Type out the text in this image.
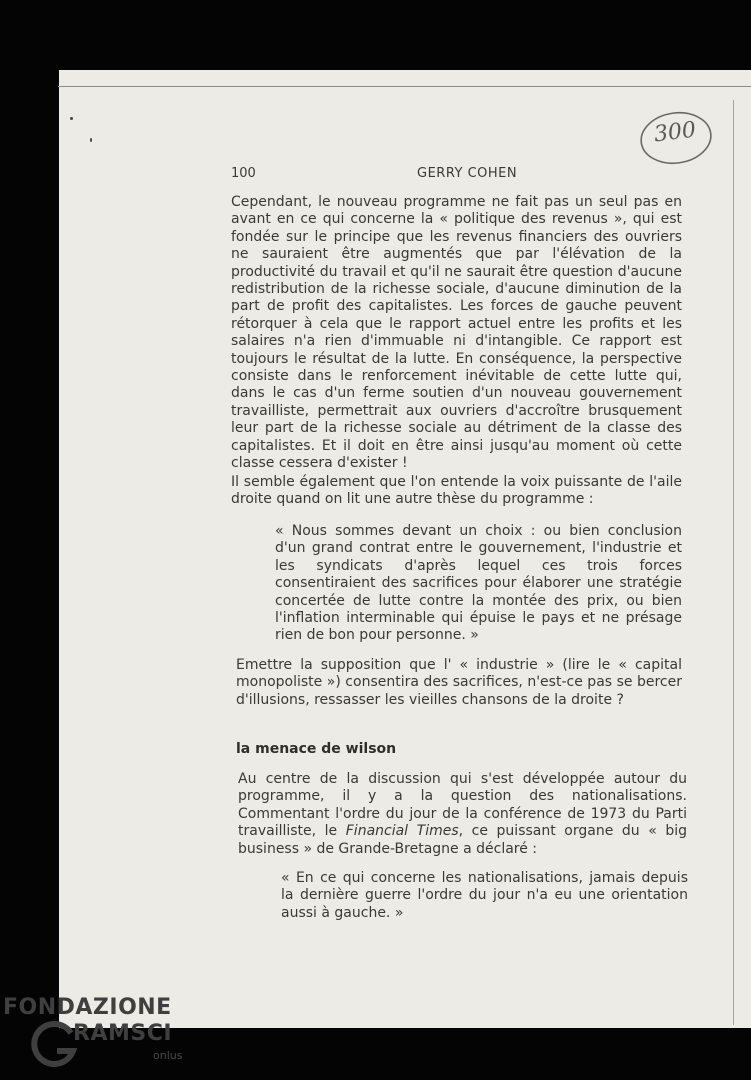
300
100	GERRY COHEN

Cependant, le nouveau programme ne fait pas un seul pas en avant en ce qui concerne la « politique des revenus », qui est fondée sur le principe que les revenus financiers des ouvriers ne sauraient être augmentés que par l'élévation de la productivité du travail et qu'il ne saurait être question d'aucune redistribution de la richesse sociale, d'aucune diminution de la part de profit des capitalistes. Les forces de gauche peuvent rétorquer à cela que le rapport actuel entre les profits et les salaires n'a rien d'immuable ni d'intangible. Ce rapport est toujours le résultat de la lutte. En conséquence, la perspective consiste dans le renforcement inévitable de cette lutte qui, dans le cas d'un ferme soutien d'un nouveau gouvernement travailliste, permettrait aux ouvriers d'accroître brusquement leur part de la richesse sociale au détriment de la classe des capitalistes. Et il doit en être ainsi jusqu'au moment où cette classe cessera d'exister !

Il semble également que l'on entende la voix puissante de l'aile droite quand on lit une autre thèse du programme :

« Nous sommes devant un choix : ou bien conclusion d'un grand contrat entre le gouvernement, l'industrie et les syndicats d'après lequel ces trois forces consentiraient des sacrifices pour élaborer une stratégie concertée de lutte contre la montée des prix, ou bien l'inflation interminable qui épuise le pays et ne présage rien de bon pour personne. »

Emettre la supposition que l' « industrie » (lire le « capital monopoliste ») consentira des sacrifices, n'est-ce pas se bercer d'illusions, ressasser les vieilles chansons de la droite ?

la menace de wilson

Au centre de la discussion qui s'est développée autour du programme, il y a la question des nationalisations. Commentant l'ordre du jour de la conférence de 1973 du Parti travailliste, le Financial Times, ce puissant organe du « big business » de Grande-Bretagne a déclaré :

« En ce qui concerne les nationalisations, jamais depuis la dernière guerre l'ordre du jour n'a eu une orientation aussi à gauche. »

FONDAZIONE
RAMSCI
onlus
